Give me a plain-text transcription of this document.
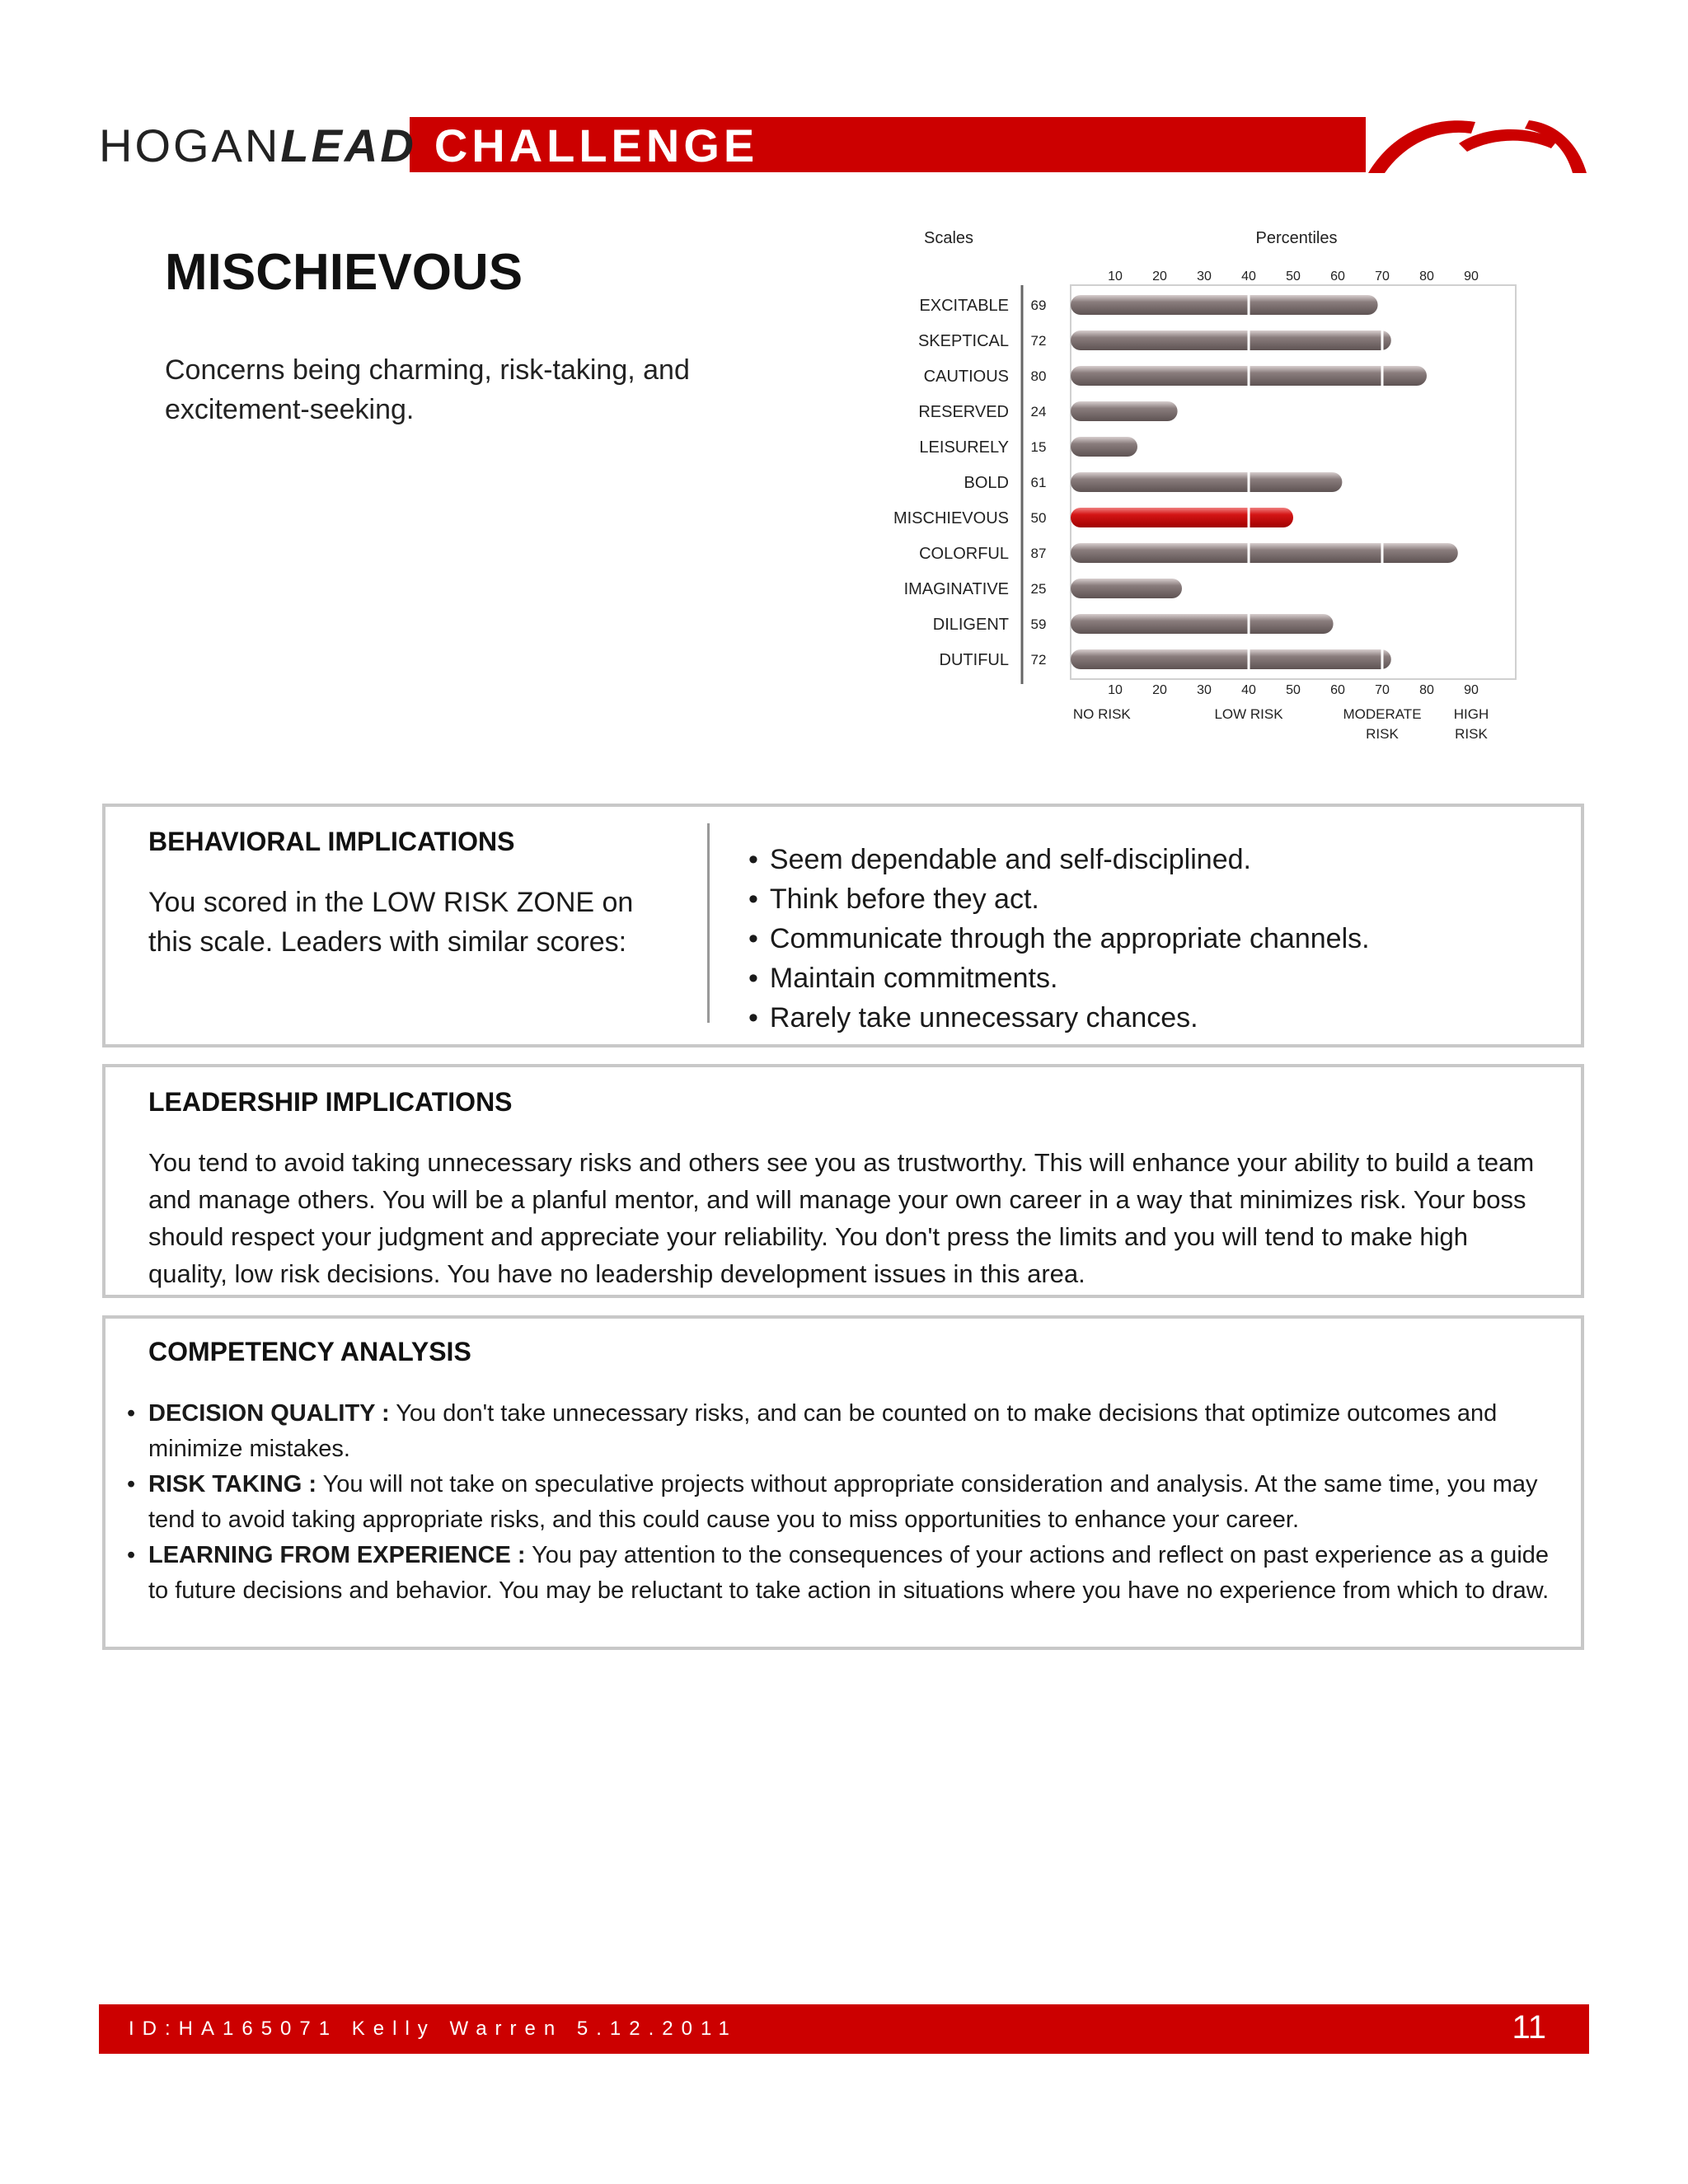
HOGAN LEAD CHALLENGE
MISCHIEVOUS

Concerns being charming, risk-taking, and excitement-seeking.

Scales	Percentiles
10 20 30 40 50 60 70 80 90
10 20 30 40 50 60 70 80 90
EXCITABLE 69
SKEPTICAL 72
CAUTIOUS 80
RESERVED 24
LEISURELY 15
BOLD 61
MISCHIEVOUS 50
COLORFUL 87
IMAGINATIVE 25
DILIGENT 59
DUTIFUL 72
NO RISK	LOW RISK	MODERATE
RISK
HIGH
RISK
BEHAVIORAL IMPLICATIONS

You scored in the LOW RISK ZONE on this scale. Leaders with similar scores:

• Seem dependable and self-disciplined.
• Think before they act.
• Communicate through the appropriate channels.
• Maintain commitments.
• Rarely take unnecessary chances.
LEADERSHIP IMPLICATIONS

You tend to avoid taking unnecessary risks and others see you as trustworthy. This will enhance your ability to build a team and manage others. You will be a planful mentor, and will manage your own career in a way that minimizes risk. Your boss should respect your judgment and appreciate your reliability. You don't press the limits and you will tend to make high quality, low risk decisions. You have no leadership development issues in this area.

COMPETENCY ANALYSIS
• DECISION QUALITY : You don't take unnecessary risks, and can be counted on to make decisions that optimize outcomes and minimize mistakes.
• RISK TAKING : You will not take on speculative projects without appropriate consideration and analysis. At the same time, you may tend to avoid taking appropriate risks, and this could cause you to miss opportunities to enhance your career.
• LEARNING FROM EXPERIENCE : You pay attention to the consequences of your actions and reflect on past experience as a guide to future decisions and behavior. You may be reluctant to take action in situations where you have no experience from which to draw.
ID:HA165071 Kelly Warren 5.12.2011	11
